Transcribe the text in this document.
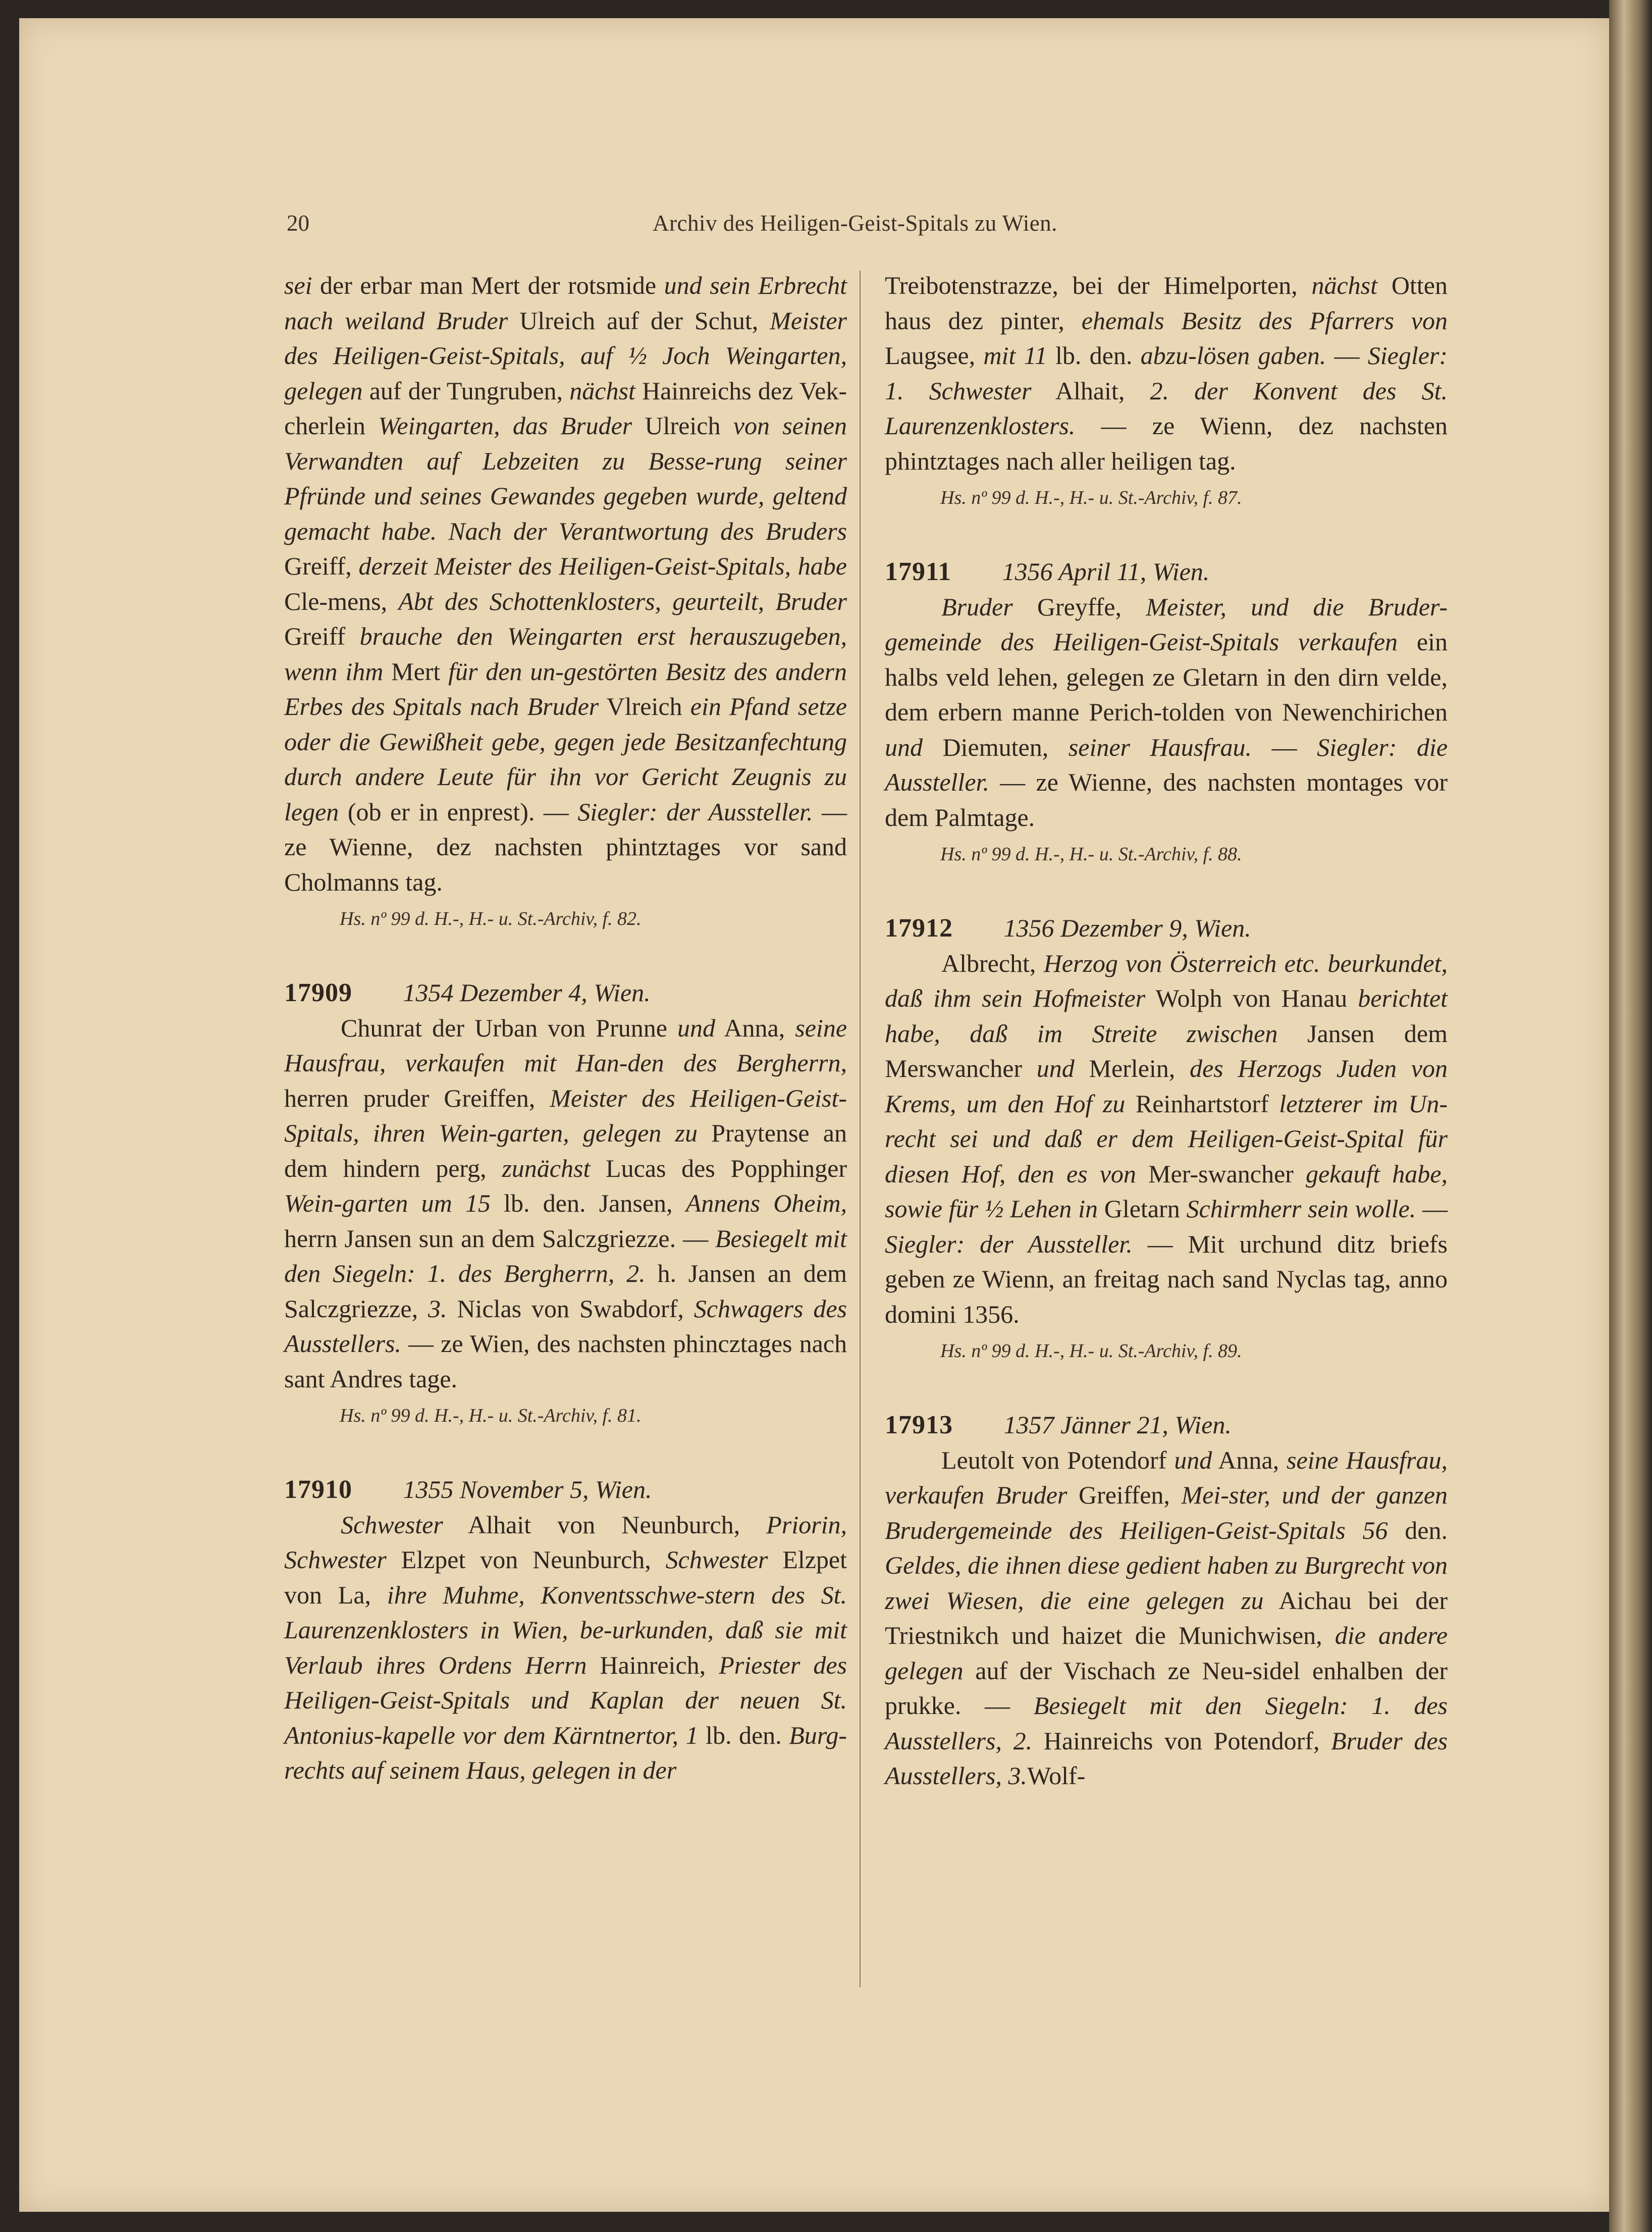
20	Archiv des Heiligen-Geist-Spitals zu Wien.

sei der erbar man Mert der rotsmide und sein Erbrecht nach weiland Bruder Ulreich auf der Schut, Meister des Heiligen-Geist-Spitals, auf ½ Joch Weingarten, gelegen auf der Tungruben, nächst Hainreichs dez Vek-cherlein Weingarten, das Bruder Ulreich von seinen Verwandten auf Lebzeiten zu Besse-rung seiner Pfründe und seines Gewandes gegeben wurde, geltend gemacht habe. Nach der Verantwortung des Bruders Greiff, derzeit Meister des Heiligen-Geist-Spitals, habe Cle-mens, Abt des Schottenklosters, geurteilt, Bruder Greiff brauche den Weingarten erst herauszugeben, wenn ihm Mert für den un-gestörten Besitz des andern Erbes des Spitals nach Bruder Vlreich ein Pfand setze oder die Gewißheit gebe, gegen jede Besitzanfechtung durch andere Leute für ihn vor Gericht Zeugnis zu legen (ob er in enprest). — Siegler: der Aussteller. — ze Wienne, dez nachsten phintztages vor sand Cholmanns tag.

Hs. nº 99 d. H.-, H.- u. St.-Archiv, f. 82.

17909 1354 Dezember 4, Wien.

Chunrat der Urban von Prunne und Anna, seine Hausfrau, verkaufen mit Han-den des Bergherrn, herren pruder Greiffen, Meister des Heiligen-Geist-Spitals, ihren Wein-garten, gelegen zu Praytense an dem hindern perg, zunächst Lucas des Popphinger Wein-garten um 15 lb. den. Jansen, Annens Oheim, herrn Jansen sun an dem Salczgriezze. — Besiegelt mit den Siegeln: 1. des Bergherrn, 2. h. Jansen an dem Salczgriezze, 3. Niclas von Swabdorf, Schwagers des Ausstellers. — ze Wien, des nachsten phincztages nach sant Andres tage.

Hs. nº 99 d. H.-, H.- u. St.-Archiv, f. 81.

17910 1355 November 5, Wien.

Schwester Alhait von Neunburch, Priorin, Schwester Elzpet von Neunburch, Schwester Elzpet von La, ihre Muhme, Konventsschwe-stern des St. Laurenzenklosters in Wien, be-urkunden, daß sie mit Verlaub ihres Ordens Herrn Hainreich, Priester des Heiligen-Geist-Spitals und Kaplan der neuen St. Antonius-kapelle vor dem Kärntnertor, 1 lb. den. Burg-rechts auf seinem Haus, gelegen in der

Treibotenstrazze, bei der Himelporten, nächst Otten haus dez pinter, ehemals Besitz des Pfarrers von Laugsee, mit 11 lb. den. abzu-lösen gaben. — Siegler: 1. Schwester Alhait, 2. der Konvent des St. Laurenzenklosters. — ze Wienn, dez nachsten phintztages nach aller heiligen tag.

Hs. nº 99 d. H.-, H.- u. St.-Archiv, f. 87.

17911 1356 April 11, Wien.

Bruder Greyffe, Meister, und die Bruder-gemeinde des Heiligen-Geist-Spitals verkaufen ein halbs veld lehen, gelegen ze Gletarn in den dirn velde, dem erbern manne Perich-tolden von Newenchirichen und Diemuten, seiner Hausfrau. — Siegler: die Aussteller. — ze Wienne, des nachsten montages vor dem Palmtage.

Hs. nº 99 d. H.-, H.- u. St.-Archiv, f. 88.

17912 1356 Dezember 9, Wien.

Albrecht, Herzog von Österreich etc. beurkundet, daß ihm sein Hofmeister Wolph von Hanau berichtet habe, daß im Streite zwischen Jansen dem Merswancher und Merlein, des Herzogs Juden von Krems, um den Hof zu Reinhartstorf letzterer im Un-recht sei und daß er dem Heiligen-Geist-Spital für diesen Hof, den es von Mer-swancher gekauft habe, sowie für ½ Lehen in Gletarn Schirmherr sein wolle. — Siegler: der Aussteller. — Mit urchund ditz briefs geben ze Wienn, an freitag nach sand Nyclas tag, anno domini 1356.

Hs. nº 99 d. H.-, H.- u. St.-Archiv, f. 89.

17913 1357 Jänner 21, Wien.

Leutolt von Potendorf und Anna, seine Hausfrau, verkaufen Bruder Greiffen, Mei-ster, und der ganzen Brudergemeinde des Heiligen-Geist-Spitals 56 den. Geldes, die ihnen diese gedient haben zu Burgrecht von zwei Wiesen, die eine gelegen zu Aichau bei der Triestnikch und haizet die Munichwisen, die andere gelegen auf der Vischach ze Neu-sidel enhalben der prukke. — Besiegelt mit den Siegeln: 1. des Ausstellers, 2. Hainreichs von Potendorf, Bruder des Ausstellers, 3.Wolf-
